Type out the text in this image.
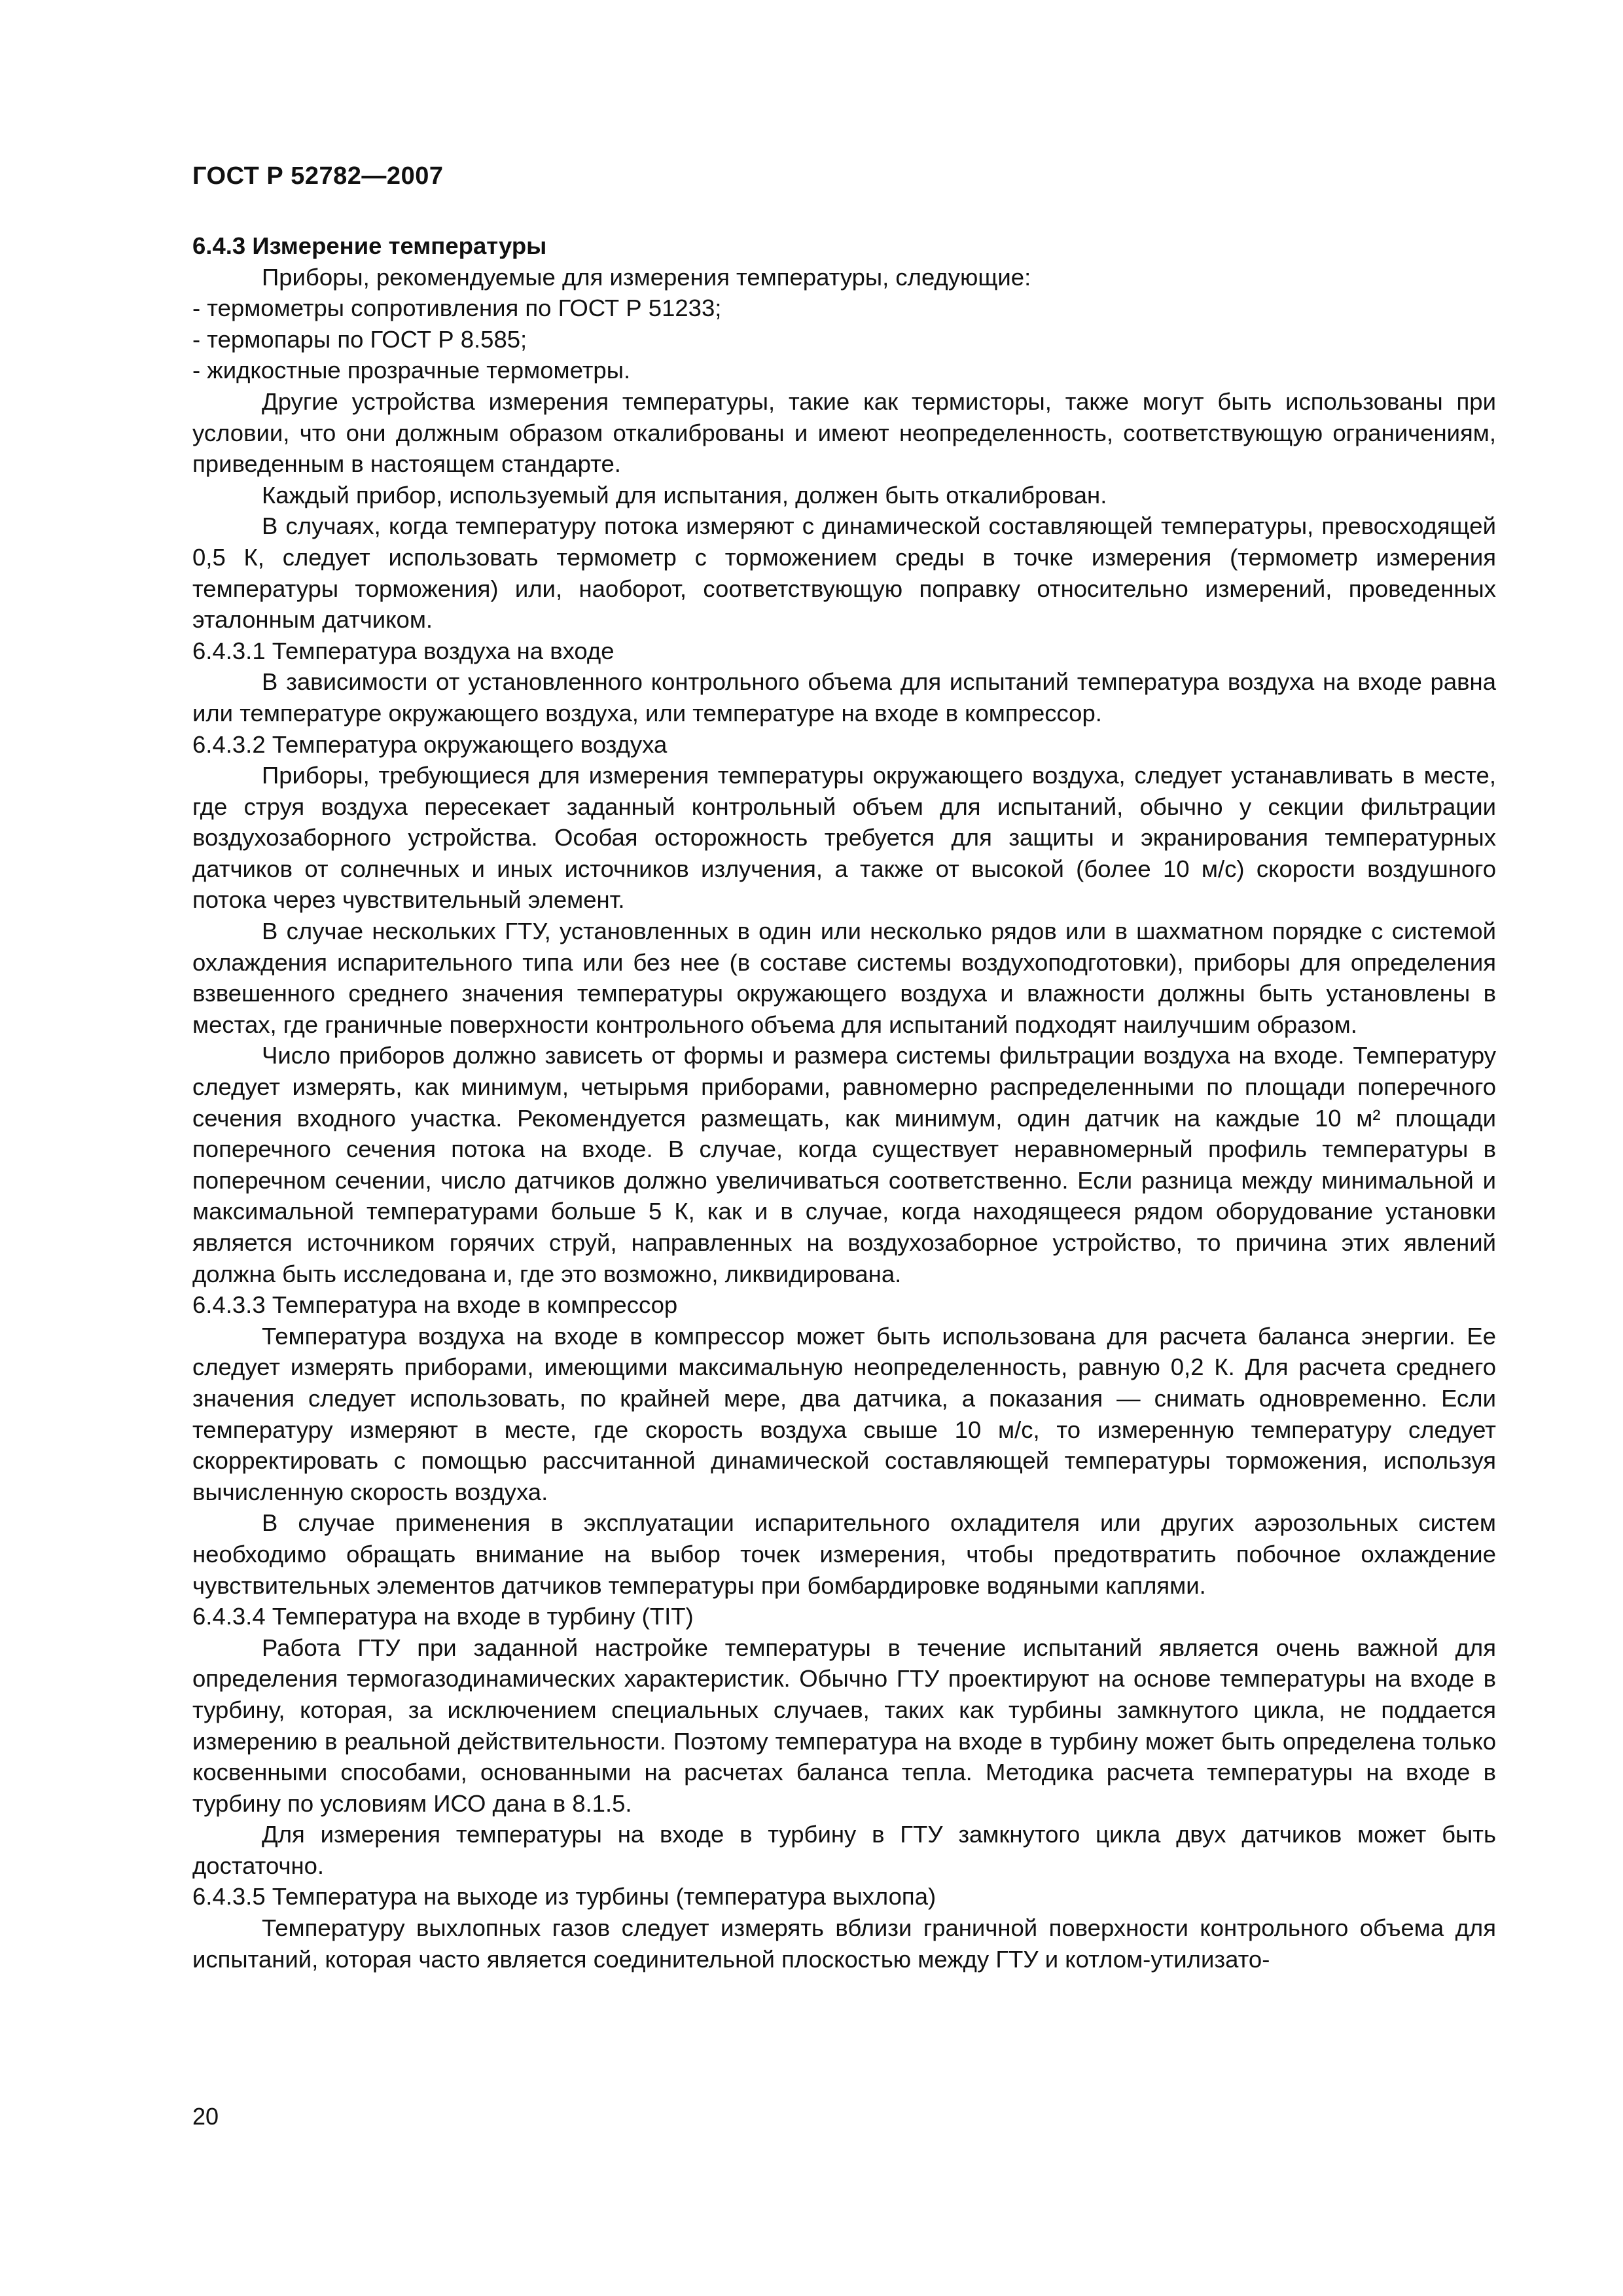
ГОСТ Р 52782—2007

6.4.3 Измерение температуры

Приборы, рекомендуемые для измерения температуры, следующие:

- термометры сопротивления по ГОСТ Р 51233;

- термопары по ГОСТ Р 8.585;

- жидкостные прозрачные термометры.

Другие устройства измерения температуры, такие как термисторы, также могут быть использованы при условии, что они должным образом откалиброваны и имеют неопределенность, соответствующую ограничениям, приведенным в настоящем стандарте.

Каждый прибор, используемый для испытания, должен быть откалиброван.

В случаях, когда температуру потока измеряют с динамической составляющей температуры, превосходящей 0,5 К, следует использовать термометр с торможением среды в точке измерения (термометр измерения температуры торможения) или, наоборот, соответствующую поправку относительно измерений, проведенных эталонным датчиком.

6.4.3.1 Температура воздуха на входе

В зависимости от установленного контрольного объема для испытаний температура воздуха на входе равна или температуре окружающего воздуха, или температуре на входе в компрессор.

6.4.3.2 Температура окружающего воздуха

Приборы, требующиеся для измерения температуры окружающего воздуха, следует устанавливать в месте, где струя воздуха пересекает заданный контрольный объем для испытаний, обычно у секции фильтрации воздухозаборного устройства. Особая осторожность требуется для защиты и экранирования температурных датчиков от солнечных и иных источников излучения, а также от высокой (более 10 м/с) скорости воздушного потока через чувствительный элемент.

В случае нескольких ГТУ, установленных в один или несколько рядов или в шахматном порядке с системой охлаждения испарительного типа или без нее (в составе системы воздухоподготовки), приборы для определения взвешенного среднего значения температуры окружающего воздуха и влажности должны быть установлены в местах, где граничные поверхности контрольного объема для испытаний подходят наилучшим образом.

Число приборов должно зависеть от формы и размера системы фильтрации воздуха на входе. Температуру следует измерять, как минимум, четырьмя приборами, равномерно распределенными по площади поперечного сечения входного участка. Рекомендуется размещать, как минимум, один датчик на каждые 10 м² площади поперечного сечения потока на входе. В случае, когда существует неравномерный профиль температуры в поперечном сечении, число датчиков должно увеличиваться соответственно. Если разница между минимальной и максимальной температурами больше 5 К, как и в случае, когда находящееся рядом оборудование установки является источником горячих струй, направленных на воздухозаборное устройство, то причина этих явлений должна быть исследована и, где это возможно, ликвидирована.

6.4.3.3 Температура на входе в компрессор

Температура воздуха на входе в компрессор может быть использована для расчета баланса энергии. Ее следует измерять приборами, имеющими максимальную неопределенность, равную 0,2 К. Для расчета среднего значения следует использовать, по крайней мере, два датчика, а показания — снимать одновременно. Если температуру измеряют в месте, где скорость воздуха свыше 10 м/с, то измеренную температуру следует скорректировать с помощью рассчитанной динамической составляющей температуры торможения, используя вычисленную скорость воздуха.

В случае применения в эксплуатации испарительного охладителя или других аэрозольных систем необходимо обращать внимание на выбор точек измерения, чтобы предотвратить побочное охлаждение чувствительных элементов датчиков температуры при бомбардировке водяными каплями.

6.4.3.4 Температура на входе в турбину (TIT)

Работа ГТУ при заданной настройке температуры в течение испытаний является очень важной для определения термогазодинамических характеристик. Обычно ГТУ проектируют на основе температуры на входе в турбину, которая, за исключением специальных случаев, таких как турбины замкнутого цикла, не поддается измерению в реальной действительности. Поэтому температура на входе в турбину может быть определена только косвенными способами, основанными на расчетах баланса тепла. Методика расчета температуры на входе в турбину по условиям ИСО дана в 8.1.5.

Для измерения температуры на входе в турбину в ГТУ замкнутого цикла двух датчиков может быть достаточно.

6.4.3.5 Температура на выходе из турбины (температура выхлопа)

Температуру выхлопных газов следует измерять вблизи граничной поверхности контрольного объема для испытаний, которая часто является соединительной плоскостью между ГТУ и котлом-утилизато-

20
